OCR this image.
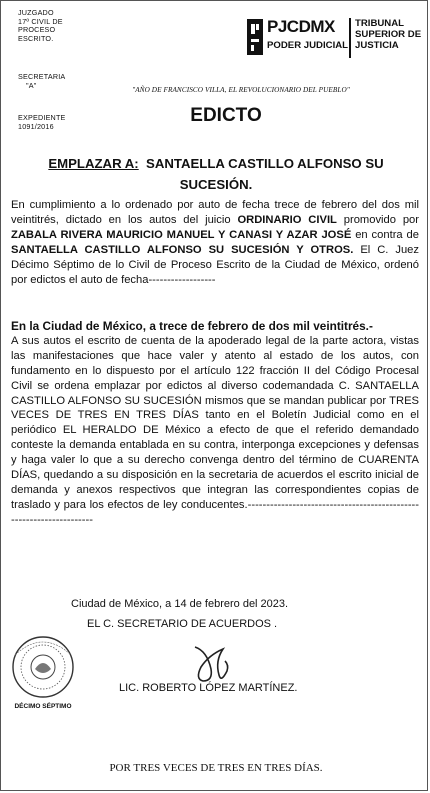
JUZGADO
17º CIVIL DE
PROCESO
ESCRITO.
SECRETARIA
"A"
EXPEDIENTE
1091/2016
PJCDMX
PODER JUDICIAL
TRIBUNAL
SUPERIOR DE
JUSTICIA
"AÑO DE FRANCISCO VILLA, EL REVOLUCIONARIO DEL PUEBLO"
EDICTO
EMPLAZAR A: SANTAELLA CASTILLO ALFONSO SU
SUCESIÓN.
En cumplimiento a lo ordenado por auto de fecha trece de febrero del dos mil veintitrés, dictado en los autos del juicio ORDINARIO CIVIL promovido por ZABALA RIVERA MAURICIO MANUEL Y CANASI Y AZAR JOSÉ en contra de SANTAELLA CASTILLO ALFONSO SU SUCESIÓN Y OTROS. El C. Juez Décimo Séptimo de lo Civil de Proceso Escrito de la Ciudad de México, ordenó por edictos el auto de fecha------------------
En la Ciudad de México, a trece de febrero de dos mil veintitrés.-
A sus autos el escrito de cuenta de la apoderado legal de la parte actora, vistas las manifestaciones que hace valer y atento al estado de los autos, con fundamento en lo dispuesto por el artículo 122 fracción II del Código Procesal Civil se ordena emplazar por edictos al diverso codemandada C. SANTAELLA CASTILLO ALFONSO SU SUCESIÓN mismos que se mandan publicar por TRES VECES DE TRES EN TRES DÍAS tanto en el Boletín Judicial como en el periódico EL HERALDO DE México a efecto de que el referido demandado conteste la demanda entablada en su contra, interponga excepciones y defensas y haga valer lo que a su derecho convenga dentro del término de CUARENTA DÍAS, quedando a su disposición en la secretaria de acuerdos el escrito inicial de demanda y anexos respectivos que integran las correspondientes copias de traslado y para los efectos de ley conducentes.--------------------------------------------------------------------
Ciudad de México, a 14 de febrero del 2023.
EL C. SECRETARIO DE ACUERDOS .
DÉCIMO SÉPTIMO
LIC. ROBERTO LÓPEZ MARTÍNEZ.
POR TRES VECES DE TRES EN TRES DÍAS.
